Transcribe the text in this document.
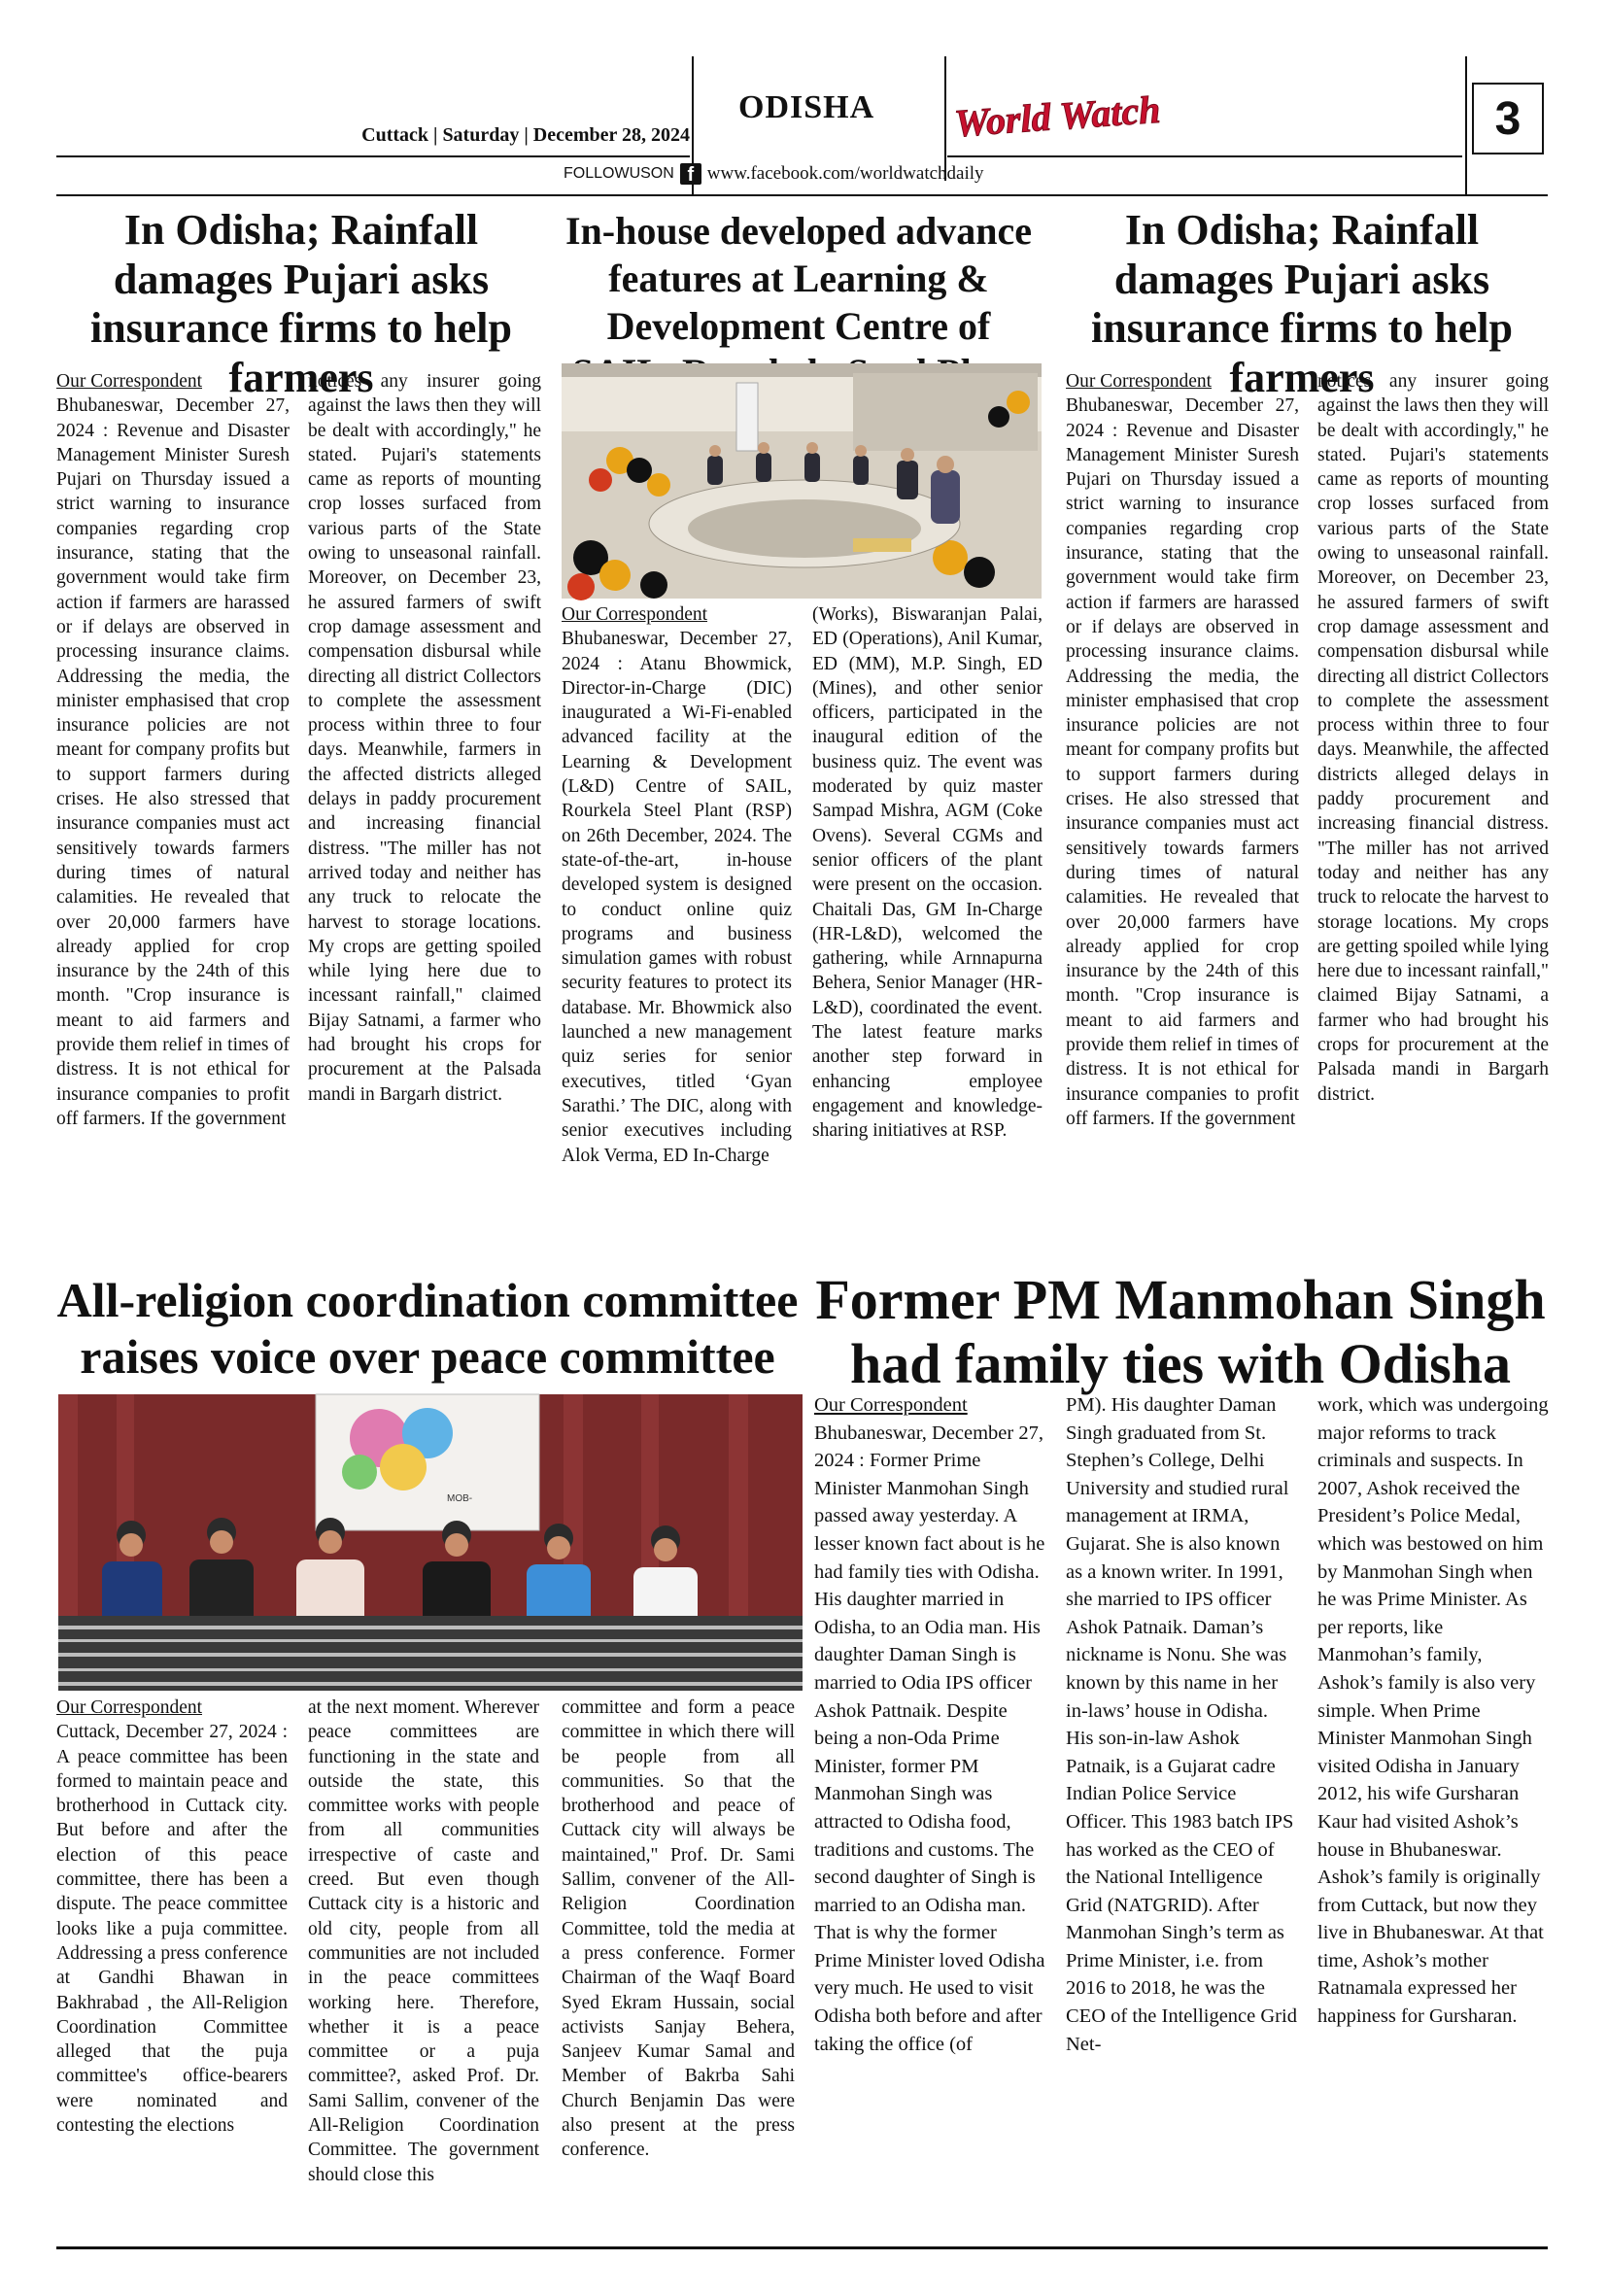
Cuttack | Saturday | December 28, 2024
ODISHA World Watch	3
FOLLOWUSON f www.facebook.com/worldwatchdaily
In Odisha; Rainfall damages Pujari asks insurance firms to help farmers
Our Correspondent
Bhubaneswar, December 27, 2024 : Revenue and Disaster Management Minister Suresh Pujari on Thursday issued a strict warning to insurance companies regarding crop insurance, stating that the government would take firm action if farmers are harassed or if delays are observed in processing insurance claims. Addressing the media, the minister emphasised that crop insurance policies are not meant for company profits but to support farmers during crises. He also stressed that insurance companies must act sensitively towards farmers during times of natural calamities. He revealed that over 20,000 farmers have already applied for crop insurance by the 24th of this month. "Crop insurance is meant to aid farmers and provide them relief in times of distress. It is not ethical for insurance companies to profit off farmers. If the government
notices any insurer going against the laws then they will be dealt with accordingly," he stated. Pujari's statements came as reports of mounting crop losses surfaced from various parts of the State owing to unseasonal rainfall. Moreover, on December 23, he assured farmers of swift crop damage assessment and compensation disbursal while directing all district Collectors to complete the assessment process within three to four days. Meanwhile, farmers in the affected districts alleged delays in paddy procurement and increasing financial distress. "The miller has not arrived today and neither has any truck to relocate the harvest to storage locations. My crops are getting spoiled while lying here due to incessant rainfall," claimed Bijay Satnami, a farmer who had brought his crops for procurement at the Palsada mandi in Bargarh district.
In-house developed advance features at Learning & Development Centre of
Our Correspondent
Bhubaneswar, December 27, 2024 : Atanu Bhowmick, Director-in-Charge (DIC) inaugurated a Wi-Fi-enabled advanced facility at the Learning & Development (L&D) Centre of SAIL, Rourkela Steel Plant (RSP) on 26th December, 2024. The state-of-the-art, in-house developed system is designed to conduct online quiz programs and business simulation games with robust security features to protect its database. Mr. Bhowmick also launched a new management quiz series for senior executives, titled ‘Gyan Sarathi.’ The DIC, along with senior executives including Alok Verma, ED In-Charge
(Works), Biswaranjan Palai, ED (Operations), Anil Kumar, ED (MM), M.P. Singh, ED (Mines), and other senior officers, participated in the inaugural edition of the business quiz. The event was moderated by quiz master Sampad Mishra, AGM (Coke Ovens). Several CGMs and senior officers of the plant were present on the occasion. Chaitali Das, GM In-Charge (HR-L&D), welcomed the gathering, while Arnnapurna Behera, Senior Manager (HR-L&D), coordinated the event. The latest feature marks another step forward in enhancing employee engagement and knowledge-sharing initiatives at RSP.
In Odisha; Rainfall damages Pujari asks insurance firms to help farmers
Our Correspondent
Bhubaneswar, December 27, 2024 : Revenue and Disaster Management Minister Suresh Pujari on Thursday issued a strict warning to insurance companies regarding crop insurance, stating that the government would take firm action if farmers are harassed or if delays are observed in processing insurance claims. Addressing the media, the minister emphasised that crop insurance policies are not meant for company profits but to support farmers during crises. He also stressed that insurance companies must act sensitively towards farmers during times of natural calamities. He revealed that over 20,000 farmers have already applied for crop insurance by the 24th of this month. "Crop insurance is meant to aid farmers and provide them relief in times of distress. It is not ethical for insurance companies to profit off farmers. If the government
notices any insurer going against the laws then they will be dealt with accordingly," he stated. Pujari's statements came as reports of mounting crop losses surfaced from various parts of the State owing to unseasonal rainfall. Moreover, on December 23, he assured farmers of swift crop damage assessment and compensation disbursal while directing all district Collectors to complete the assessment process within three to four days. Meanwhile, the affected districts alleged delays in paddy procurement and increasing financial distress. "The miller has not arrived today and neither has any truck to relocate the harvest to storage locations. My crops are getting spoiled while lying here due to incessant rainfall," claimed Bijay Satnami, a farmer who had brought his crops for procurement at the Palsada mandi in Bargarh district.
All-religion coordination committee raises voice over peace committee
MOB-
Our Correspondent
Cuttack, December 27, 2024 : A peace committee has been formed to maintain peace and brotherhood in Cuttack city. But before and after the election of this peace committee, there has been a dispute. The peace committee looks like a puja committee. Addressing a press conference at Gandhi Bhawan in Bakhrabad , the All-Religion Coordination Committee alleged that the puja committee's office-bearers were nominated and contesting the elections
at the next moment. Wherever peace committees are functioning in the state and outside the state, this committee works with people from all communities irrespective of caste and creed. But even though Cuttack city is a historic and old city, people from all communities are not included in the peace committees working here. Therefore, whether it is a peace committee or a puja committee?, asked Prof. Dr. Sami Sallim, convener of the All-Religion Coordination Committee. The government should close this
committee and form a peace committee in which there will be people from all communities. So that the brotherhood and peace of Cuttack city will always be maintained," Prof. Dr. Sami Sallim, convener of the All-Religion Coordination Committee, told the media at a press conference. Former Chairman of the Waqf Board Syed Ekram Hussain, social activists Sanjay Behera, Sanjeev Kumar Samal and Member of Bakrba Sahi Church Benjamin Das were also present at the press conference.
Former PM Manmohan Singh had family ties with Odisha
Our Correspondent
Bhubaneswar, December 27, 2024 : Former Prime Minister Manmohan Singh passed away yesterday. A lesser known fact about is he had family ties with Odisha. His daughter married in Odisha, to an Odia man. His daughter Daman Singh is married to Odia IPS officer Ashok Pattnaik. Despite being a non-Oda Prime Minister, former PM Manmohan Singh was attracted to Odisha food, traditions and customs. The second daughter of Singh is married to an Odisha man. That is why the former Prime Minister loved Odisha very much. He used to visit Odisha both before and after taking the office (of
PM). His daughter Daman Singh graduated from St. Stephen’s College, Delhi University and studied rural management at IRMA, Gujarat. She is also known as a known writer. In 1991, she married to IPS officer Ashok Patnaik. Daman’s nickname is Nonu. She was known by this name in her in-laws’ house in Odisha. His son-in-law Ashok Patnaik, is a Gujarat cadre Indian Police Service Officer. This 1983 batch IPS has worked as the CEO of the National Intelligence Grid (NATGRID). After Manmohan Singh’s term as Prime Minister, i.e. from 2016 to 2018, he was the CEO of the Intelligence Grid Net-
work, which was undergoing major reforms to track criminals and suspects. In 2007, Ashok received the President’s Police Medal, which was bestowed on him by Manmohan Singh when he was Prime Minister. As per reports, like Manmohan’s family, Ashok’s family is also very simple. When Prime Minister Manmohan Singh visited Odisha in January 2012, his wife Gursharan Kaur had visited Ashok’s house in Bhubaneswar. Ashok’s family is originally from Cuttack, but now they live in Bhubaneswar. At that time, Ashok’s mother Ratnamala expressed her happiness for Gursharan.
